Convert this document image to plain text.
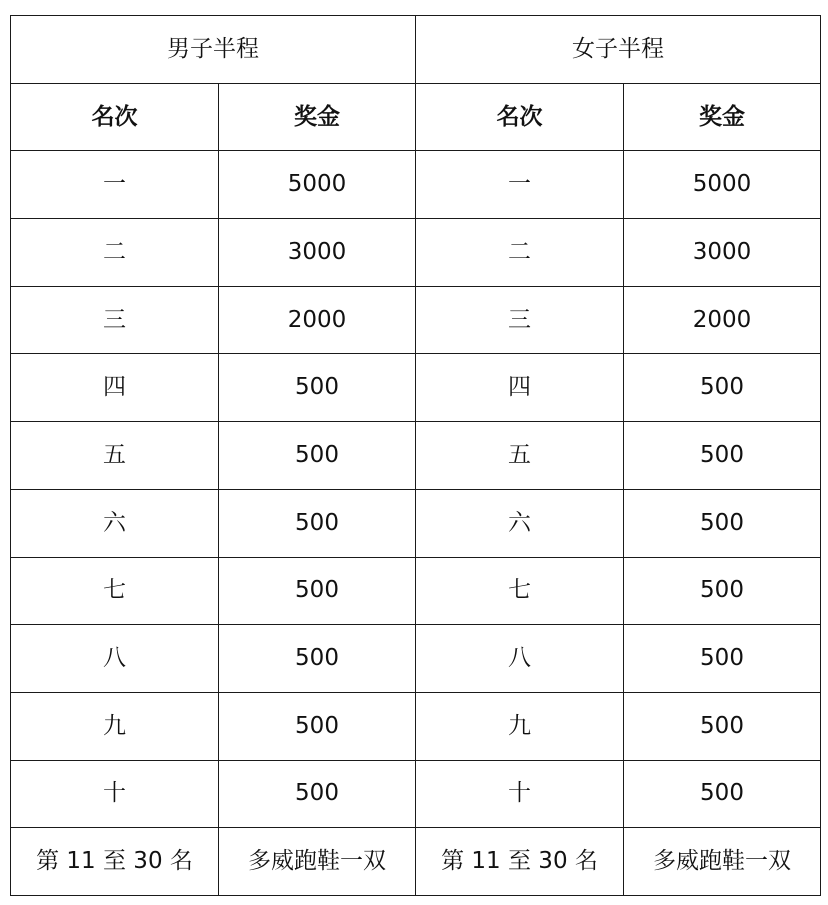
男子半程		女子半程	
名次	奖金	名次	奖金
一	5000	一	5000
二	3000	二	3000
三	2000	三	2000
四	500	四	500
五	500	五	500
六	500	六	500
七	500	七	500
八	500	八	500
九	500	九	500
十	500	十	500
第 11 至 30 名	多威跑鞋一双	第 11 至 30 名	多威跑鞋一双
